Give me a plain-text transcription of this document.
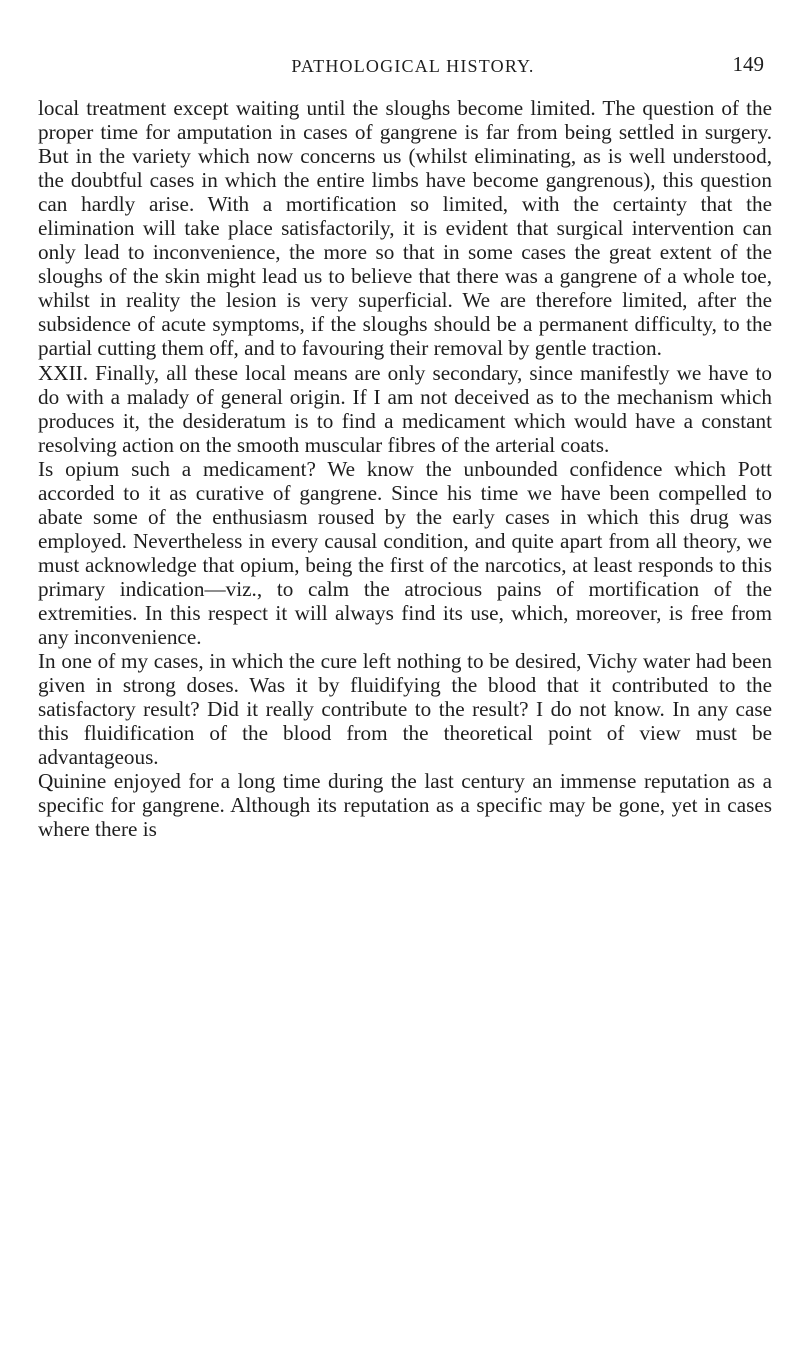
PATHOLOGICAL HISTORY.	149

local treatment except waiting until the sloughs become limited. The question of the proper time for amputation in cases of gangrene is far from being settled in surgery. But in the variety which now concerns us (whilst eliminating, as is well understood, the doubtful cases in which the entire limbs have become gangrenous), this question can hardly arise. With a mortification so limited, with the certainty that the elimination will take place satisfactorily, it is evident that surgical intervention can only lead to inconvenience, the more so that in some cases the great extent of the sloughs of the skin might lead us to believe that there was a gangrene of a whole toe, whilst in reality the lesion is very superficial. We are therefore limited, after the subsidence of acute symptoms, if the sloughs should be a permanent difficulty, to the partial cutting them off, and to favouring their removal by gentle traction.

XXII. Finally, all these local means are only secondary, since manifestly we have to do with a malady of general origin. If I am not deceived as to the mechanism which produces it, the desideratum is to find a medicament which would have a constant resolving action on the smooth muscular fibres of the arterial coats.

Is opium such a medicament? We know the unbounded confidence which Pott accorded to it as curative of gangrene. Since his time we have been compelled to abate some of the enthusiasm roused by the early cases in which this drug was employed. Nevertheless in every causal condition, and quite apart from all theory, we must acknowledge that opium, being the first of the narcotics, at least responds to this primary indication—viz., to calm the atrocious pains of mortification of the extremities. In this respect it will always find its use, which, moreover, is free from any inconvenience.

In one of my cases, in which the cure left nothing to be desired, Vichy water had been given in strong doses. Was it by fluidifying the blood that it contributed to the satisfactory result? Did it really contribute to the result? I do not know. In any case this fluidification of the blood from the theoretical point of view must be advantageous.

Quinine enjoyed for a long time during the last century an immense reputation as a specific for gangrene. Although its reputation as a specific may be gone, yet in cases where there is
